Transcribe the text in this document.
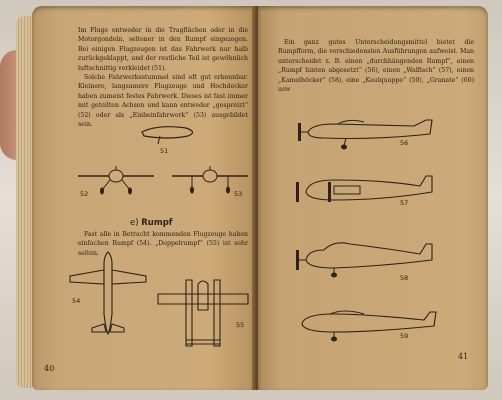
Im Fluge entweder in die Tragflächen oder in die Motorgondeln, seltener in den Rumpf eingezogen. Bei einigen Flugzeugen ist das Fahrwerk nur halb zurückgeklappt, und der restliche Teil ist gewöhnlich luftschnittig verkleidet (51).

Solche Fahrwerksstummel sind oft gut erkennbar. Kleinere, langsamere Flugzeuge und Hochdecker haben zumeist festes Fahrwerk. Dieses ist fast immer mit geteilten Achsen und kann entweder „gespreizt“ (52) oder als „Einbeinfahrwerk“ (53) ausgebildet sein.

51
52	53
e) Rumpf
Fast alle in Betracht kommenden Flugzeuge haben einfachen Rumpf (54). „Doppelrumpf“ (55) ist sehr selten.
54
55
40
Ein ganz gutes Unterscheidungsmittel bietet die Rumpfform, die verschiedensten Ausführungen aufweist. Man unterscheidet z. B. einen „durchhängenden Rumpf“, einen „Rumpf hinten abgesetzt“ (56), einen „Walfisch“ (57), einen „Kamelhöcker“ (58), eine „Kaulquappe“ (59), „Granate“ (60) usw
56
57
58
59
41
